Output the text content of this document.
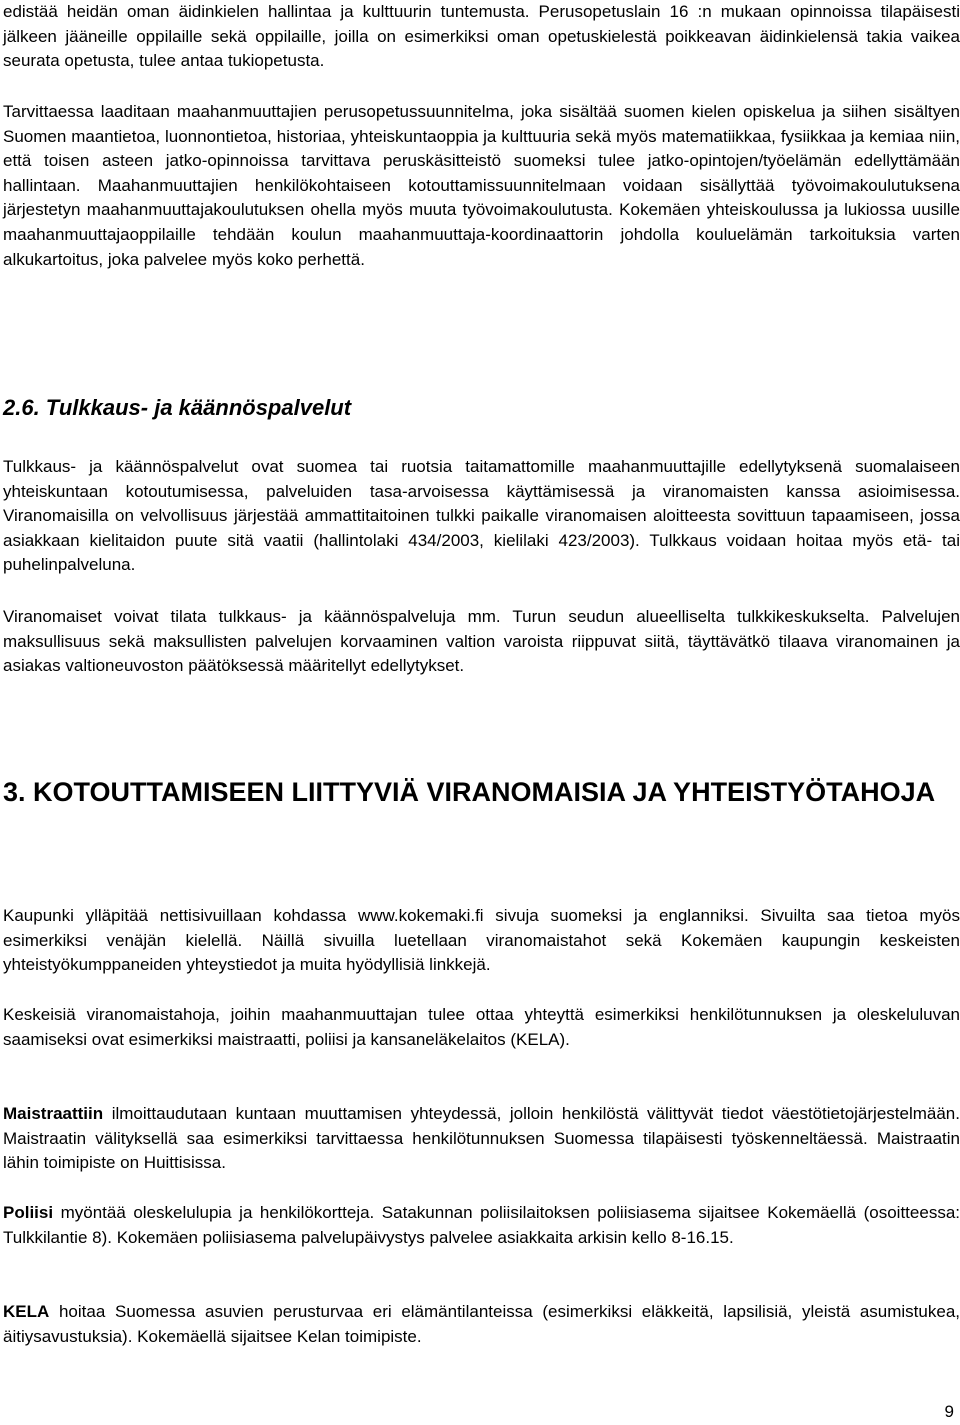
edistää heidän oman äidinkielen hallintaa ja kulttuurin tuntemusta. Perusopetuslain 16 :n mukaan opinnoissa tilapäisesti jälkeen jääneille oppilaille sekä oppilaille, joilla on esimerkiksi oman opetuskielestä poikkeavan äidinkielensä takia vaikea seurata opetusta, tulee antaa tukiopetusta.

Tarvittaessa laaditaan maahanmuuttajien perusopetussuunnitelma, joka sisältää suomen kielen opiskelua ja siihen sisältyen Suomen maantietoa, luonnontietoa, historiaa, yhteiskuntaoppia ja kulttuuria sekä myös matematiikkaa, fysiikkaa ja kemiaa niin, että toisen asteen jatko-opinnoissa tarvittava peruskäsitteistö suomeksi tulee jatko-opintojen/työelämän edellyttämään hallintaan. Maahanmuuttajien henkilökohtaiseen kotouttamissuunnitelmaan voidaan sisällyttää työvoimakoulutuksena järjestetyn maahanmuuttajakoulutuksen ohella myös muuta työvoimakoulutusta. Kokemäen yhteiskoulussa ja lukiossa uusille maahanmuuttajaoppilaille tehdään koulun maahanmuuttaja-koordinaattorin johdolla kouluelämän tarkoituksia varten alkukartoitus, joka palvelee myös koko perhettä.

2.6. Tulkkaus- ja käännöspalvelut

Tulkkaus- ja käännöspalvelut ovat suomea tai ruotsia taitamattomille maahanmuuttajille edellytyksenä suomalaiseen yhteiskuntaan kotoutumisessa, palveluiden tasa-arvoisessa käyttämisessä ja viranomaisten kanssa asioimisessa. Viranomaisilla on velvollisuus järjestää ammattitaitoinen tulkki paikalle viranomaisen aloitteesta sovittuun tapaamiseen, jossa asiakkaan kielitaidon puute sitä vaatii (hallintolaki 434/2003, kielilaki 423/2003). Tulkkaus voidaan hoitaa myös etä- tai puhelinpalveluna.

Viranomaiset voivat tilata tulkkaus- ja käännöspalveluja mm. Turun seudun alueelliselta tulkkikeskukselta. Palvelujen maksullisuus sekä maksullisten palvelujen korvaaminen valtion varoista riippuvat siitä, täyttävätkö tilaava viranomainen ja asiakas valtioneuvoston päätöksessä määritellyt edellytykset.

3. KOTOUTTAMISEEN LIITTYVIÄ VIRANOMAISIA JA YHTEISTYÖTAHOJA

Kaupunki ylläpitää nettisivuillaan kohdassa www.kokemaki.fi sivuja suomeksi ja englanniksi. Sivuilta saa tietoa myös esimerkiksi venäjän kielellä. Näillä sivuilla luetellaan viranomaistahot sekä Kokemäen kaupungin keskeisten yhteistyökumppaneiden yhteystiedot ja muita hyödyllisiä linkkejä.

Keskeisiä viranomaistahoja, joihin maahanmuuttajan tulee ottaa yhteyttä esimerkiksi henkilötunnuksen ja oleskeluluvan saamiseksi ovat esimerkiksi maistraatti, poliisi ja kansaneläkelaitos (KELA).

Maistraattiin ilmoittaudutaan kuntaan muuttamisen yhteydessä, jolloin henkilöstä välittyvät tiedot väestötietojärjestelmään. Maistraatin välityksellä saa esimerkiksi tarvittaessa henkilötunnuksen Suomessa tilapäisesti työskenneltäessä. Maistraatin lähin toimipiste on Huittisissa.

Poliisi myöntää oleskelulupia ja henkilökortteja. Satakunnan poliisilaitoksen poliisiasema sijaitsee Kokemäellä (osoitteessa: Tulkkilantie 8). Kokemäen poliisiasema palvelupäivystys palvelee asiakkaita arkisin kello 8-16.15.

KELA hoitaa Suomessa asuvien perusturvaa eri elämäntilanteissa (esimerkiksi eläkkeitä, lapsilisiä, yleistä asumistukea, äitiysavustuksia). Kokemäellä sijaitsee Kelan toimipiste.

9
